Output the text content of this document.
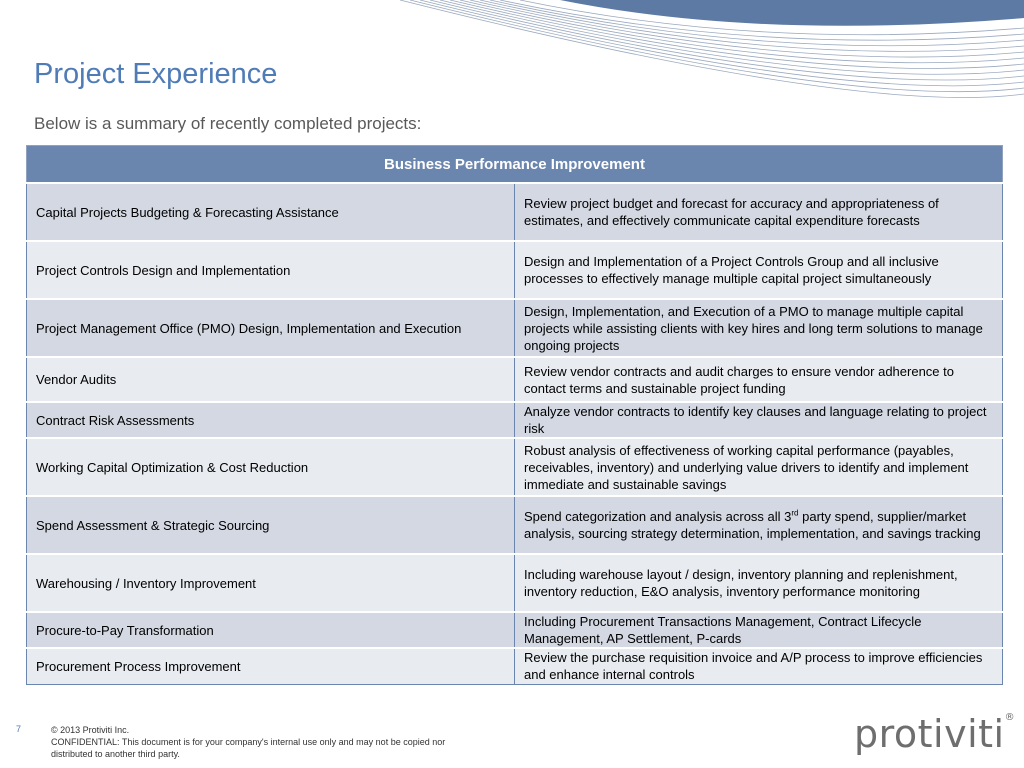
Project Experience

Below is a summary of recently completed projects:

Business Performance Improvement	
Capital Projects Budgeting & Forecasting Assistance	Review project budget and forecast for accuracy and appropriateness of estimates, and effectively communicate capital expenditure forecasts
Project Controls Design and Implementation	Design and Implementation of a Project Controls Group and all inclusive processes to effectively manage multiple capital project simultaneously
Project Management Office (PMO) Design, Implementation and Execution	Design, Implementation, and Execution of a PMO to manage multiple capital projects while assisting clients with key hires and long term solutions to manage ongoing projects
Vendor Audits	Review vendor contracts and audit charges to ensure vendor adherence to contact terms and sustainable project funding
Contract Risk Assessments	Analyze vendor contracts to identify key clauses and language relating to project risk
Working Capital Optimization & Cost Reduction	Robust analysis of effectiveness of working capital performance (payables, receivables, inventory) and underlying value drivers to identify and implement immediate and sustainable savings
Spend Assessment & Strategic Sourcing	Spend categorization and analysis across all 3rd party spend, supplier/market analysis, sourcing strategy determination, implementation, and savings tracking
Warehousing / Inventory Improvement	Including warehouse layout / design, inventory planning and replenishment, inventory reduction, E&O analysis, inventory performance monitoring
Procure-to-Pay Transformation	Including Procurement Transactions Management, Contract Lifecycle Management, AP Settlement, P-cards
Procurement Process Improvement	Review the purchase requisition invoice and A/P process to improve efficiencies and enhance internal controls
7	© 2013 Protiviti Inc.
CONFIDENTIAL: This document is for your company's internal use only and may not be copied nor distributed to another third party.	protiviti®
